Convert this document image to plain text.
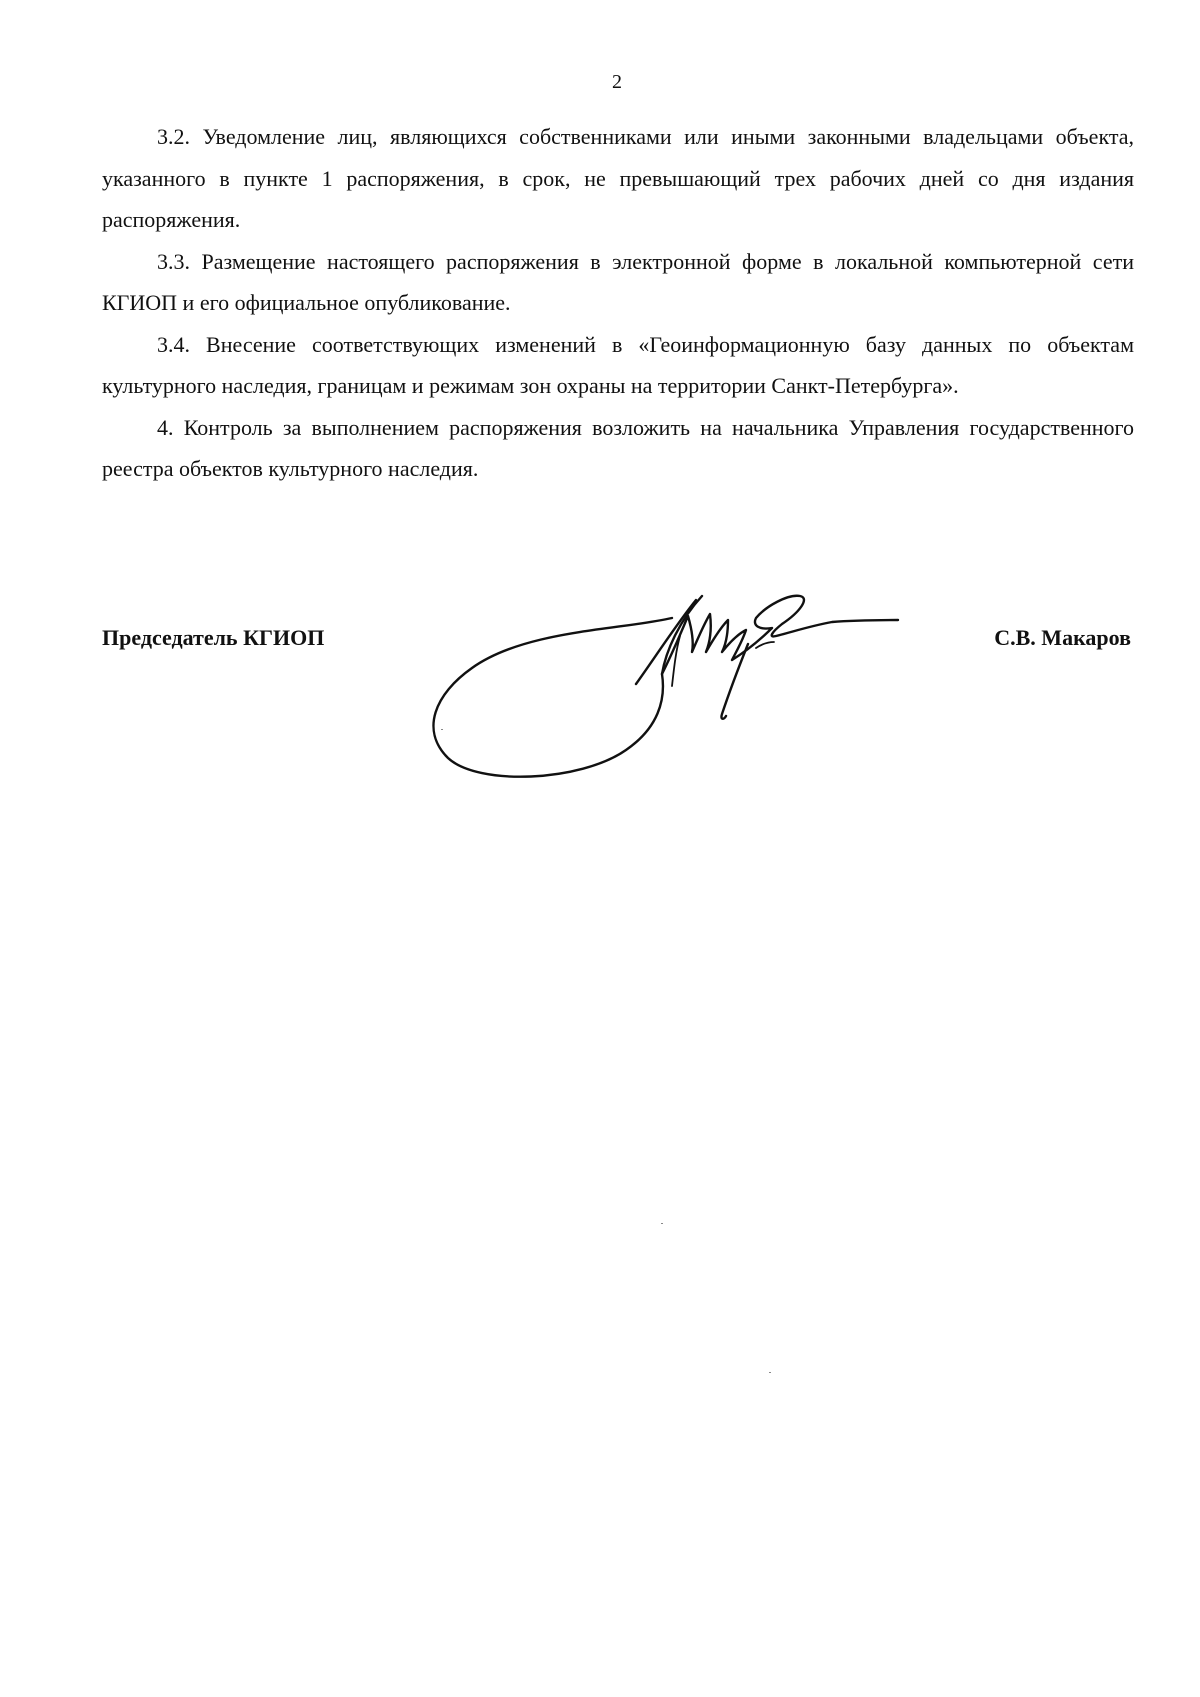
2

3.2. Уведомление лиц, являющихся собственниками или иными законными владельцами объекта, указанного в пункте 1 распоряжения, в срок, не превышающий трех рабочих дней со дня издания распоряжения.

3.3. Размещение настоящего распоряжения в электронной форме в локальной компьютерной сети КГИОП и его официальное опубликование.

3.4. Внесение соответствующих изменений в «Геоинформационную базу данных по объектам культурного наследия, границам и режимам зон охраны на территории Санкт-Петербурга».

4. Контроль за выполнением распоряжения возложить на начальника Управления государственного реестра объектов культурного наследия.

Председатель КГИОП	С.В. Макаров
